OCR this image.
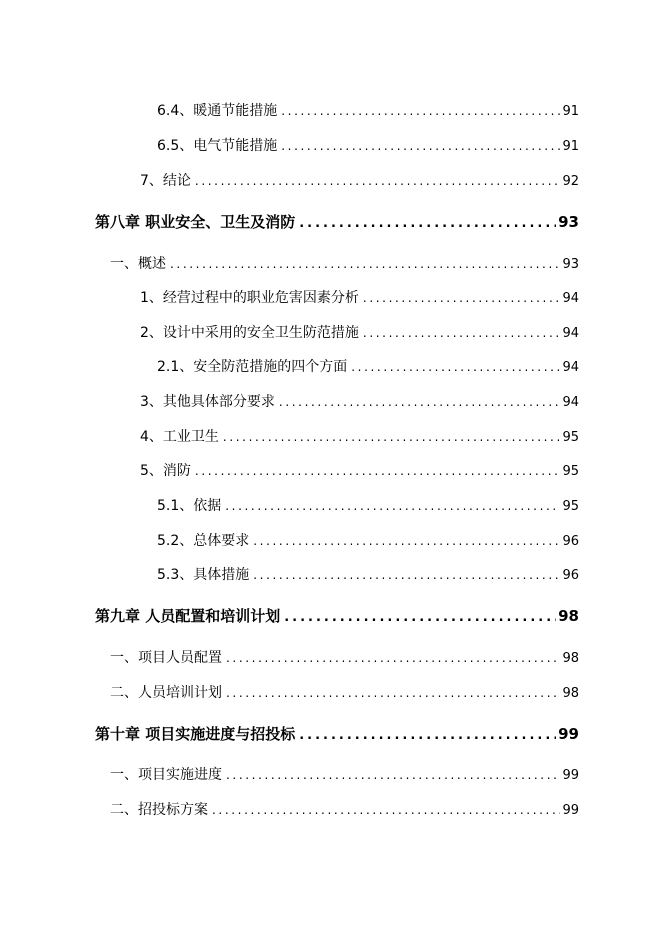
6.4、暖通节能措施 .....	91
6.5、电气节能措施 .....	91
7、结论 .....	92
第八章 职业安全、卫生及消防 .....	93
一、概述 .....	93
1、经营过程中的职业危害因素分析 .....	94
2、设计中采用的安全卫生防范措施 .....	94
2.1、安全防范措施的四个方面 .....	94
3、其他具体部分要求 .....	94
4、工业卫生 .....	95
5、消防 .....	95
5.1、依据 .....	95
5.2、总体要求 .....	96
5.3、具体措施 .....	96
第九章 人员配置和培训计划 .....	98
一、项目人员配置 .....	98
二、人员培训计划 .....	98
第十章 项目实施进度与招投标 .....	99
一、项目实施进度 .....	99
二、招投标方案 .....	99
